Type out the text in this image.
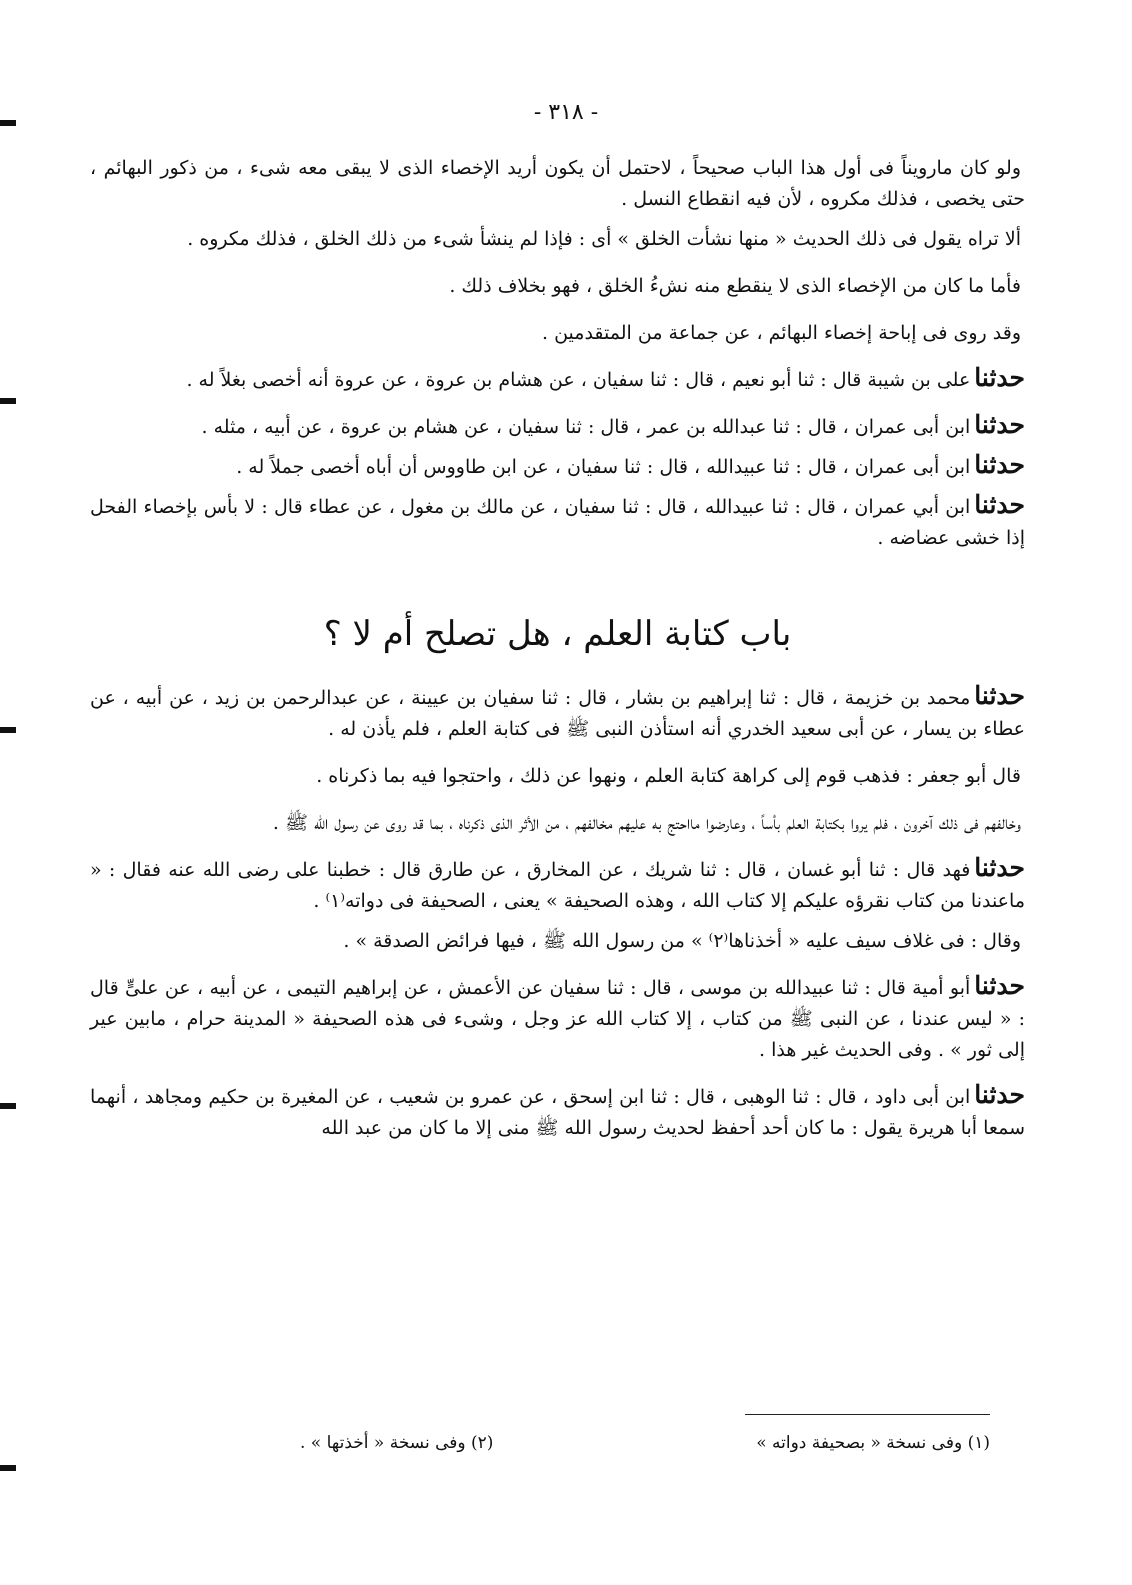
- ٣١٨ -

ولو كان مارويناً فى أول هذا الباب صحيحاً ، لاحتمل أن يكون أريد الإخصاء الذى لا يبقى معه شىء ، من ذكور البهائم ، حتى يخصى ، فذلك مكروه ، لأن فيه انقطاع النسل .

ألا تراه يقول فى ذلك الحديث « منها نشأت الخلق » أى : فإذا لم ينشأ شىء من ذلك الخلق ، فذلك مكروه .

فأما ما كان من الإخصاء الذى لا ينقطع منه نشءُ الخلق ، فهو بخلاف ذلك .

وقد روى فى إباحة إخصاء البهائم ، عن جماعة من المتقدمين .

حدثناعلى بن شيبة قال : ثنا أبو نعيم ، قال : ثنا سفيان ، عن هشام بن عروة ، عن عروة أنه أخصى بغلاً له .

حدثناابن أبى عمران ، قال : ثنا عبدالله بن عمر ، قال : ثنا سفيان ، عن هشام بن عروة ، عن أبيه ، مثله .

حدثناابن أبى عمران ، قال : ثنا عبيدالله ، قال : ثنا سفيان ، عن ابن طاووس أن أباه أخصى جملاً له .

حدثناابن أبي عمران ، قال : ثنا عبيدالله ، قال : ثنا سفيان ، عن مالك بن مغول ، عن عطاء قال : لا بأس بإخصاء الفحل إذا خشى عضاضه .

باب كتابة العلم ، هل تصلح أم لا ؟

حدثنامحمد بن خزيمة ، قال : ثنا إبراهيم بن بشار ، قال : ثنا سفيان بن عيينة ، عن عبدالرحمن بن زيد ، عن أبيه ، عن عطاء بن يسار ، عن أبى سعيد الخدري أنه استأذن النبى ﷺ فى كتابة العلم ، فلم يأذن له .

قال أبو جعفر : فذهب قوم إلى كراهة كتابة العلم ، ونهوا عن ذلك ، واحتجوا فيه بما ذكرناه .

وخالفهم فى ذلك آخرون ، فلم يروا بكتابة العلم بأساً ، وعارضوا مااحتج به عليهم مخالفهم ، من الأثر الذى ذكرناه ، بما قد روى عن رسول الله ﷺ .

حدثنافهد قال : ثنا أبو غسان ، قال : ثنا شريك ، عن المخارق ، عن طارق قال : خطبنا على رضى الله عنه فقال : « ماعندنا من كتاب نقرؤه عليكم إلا كتاب الله ، وهذه الصحيفة » يعنى ، الصحيفة فى دواته⁽١⁾ .

وقال : فى غلاف سيف عليه « أخذناها⁽٢⁾ » من رسول الله ﷺ ، فيها فرائض الصدقة » .

حدثناأبو أمية قال : ثنا عبيدالله بن موسى ، قال : ثنا سفيان عن الأعمش ، عن إبراهيم التيمى ، عن أبيه ، عن علىٍّ قال : « ليس عندنا ، عن النبى ﷺ من كتاب ، إلا كتاب الله عز وجل ، وشىء فى هذه الصحيفة « المدينة حرام ، مابين عير إلى ثور » . وفى الحديث غير هذا .

حدثناابن أبى داود ، قال : ثنا الوهبى ، قال : ثنا ابن إسحق ، عن عمرو بن شعيب ، عن المغيرة بن حكيم ومجاهد ، أنهما سمعا أبا هريرة يقول : ما كان أحد أحفظ لحديث رسول الله ﷺ منى إلا ما كان من عبد الله

(١) وفى نسخة « بصحيفة دواته »
(٢) وفى نسخة « أخذتها » .
